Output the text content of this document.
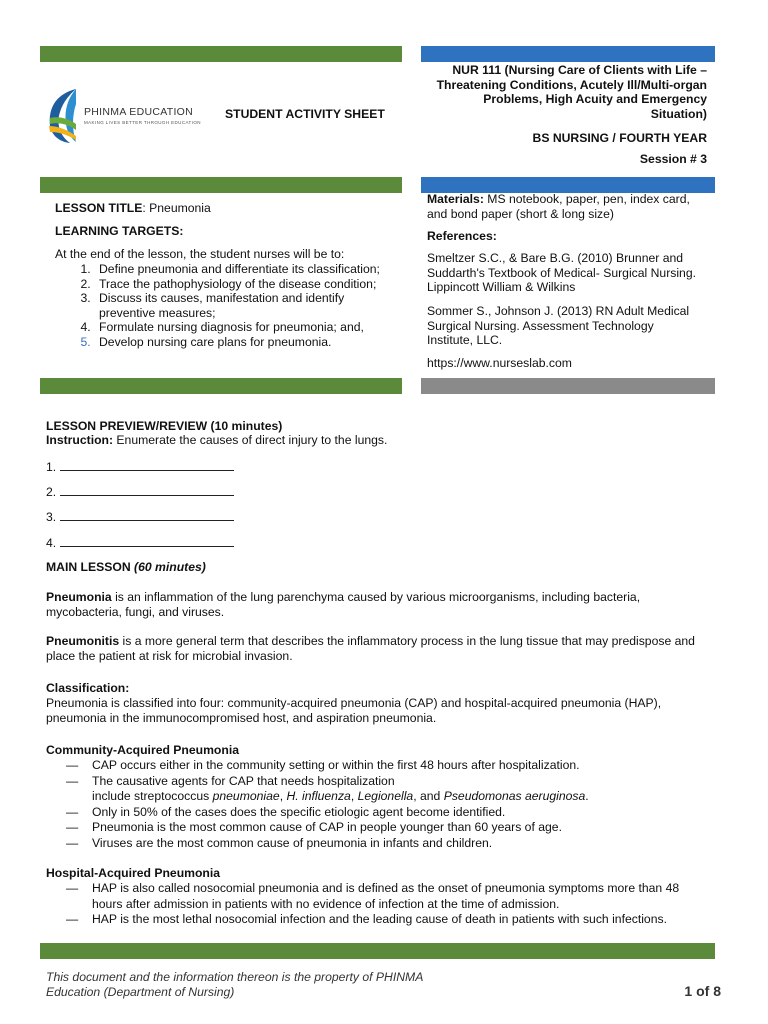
PHINMA EDUCATION
MAKING LIVES BETTER THROUGH EDUCATION
STUDENT ACTIVITY SHEET
NUR 111 (Nursing Care of Clients with Life –
Threatening Conditions, Acutely Ill/Multi-organ
Problems, High Acuity and Emergency
Situation)
BS NURSING / FOURTH YEAR
Session # 3
LESSON TITLE: Pneumonia
LEARNING TARGETS:
At the end of the lesson, the student nurses will be to:
1. Define pneumonia and differentiate its classification;
2. Trace the pathophysiology of the disease condition;
3. Discuss its causes, manifestation and identify preventive measures;
4. Formulate nursing diagnosis for pneumonia; and,
5. Develop nursing care plans for pneumonia.
Materials: MS notebook, paper, pen, index card,
and bond paper (short & long size)
References:
Smeltzer S.C., & Bare B.G. (2010) Brunner and
Suddarth's Textbook of Medical- Surgical Nursing.
Lippincott William & Wilkins
Sommer S., Johnson J. (2013) RN Adult Medical
Surgical Nursing. Assessment Technology
Institute, LLC.
https://www.nurseslab.com
LESSON PREVIEW/REVIEW (10 minutes)
Instruction: Enumerate the causes of direct injury to the lungs.
1.
2.
3.
4.
MAIN LESSON (60 minutes)
Pneumonia is an inflammation of the lung parenchyma caused by various microorganisms, including bacteria,
mycobacteria, fungi, and viruses.
Pneumonitis is a more general term that describes the inflammatory process in the lung tissue that may predispose and
place the patient at risk for microbial invasion.
Classification:
Pneumonia is classified into four: community-acquired pneumonia (CAP) and hospital-acquired pneumonia (HAP),
pneumonia in the immunocompromised host, and aspiration pneumonia.
Community-Acquired Pneumonia
— CAP occurs either in the community setting or within the first 48 hours after hospitalization.
— The causative agents for CAP that needs hospitalization
include streptococcus pneumoniae, H. influenza, Legionella, and Pseudomonas aeruginosa.
— Only in 50% of the cases does the specific etiologic agent become identified.
— Pneumonia is the most common cause of CAP in people younger than 60 years of age.
— Viruses are the most common cause of pneumonia in infants and children.
Hospital-Acquired Pneumonia
— HAP is also called nosocomial pneumonia and is defined as the onset of pneumonia symptoms more than 48
hours after admission in patients with no evidence of infection at the time of admission.
— HAP is the most lethal nosocomial infection and the leading cause of death in patients with such infections.
This document and the information thereon is the property of PHINMA
Education (Department of Nursing)	1 of 8
